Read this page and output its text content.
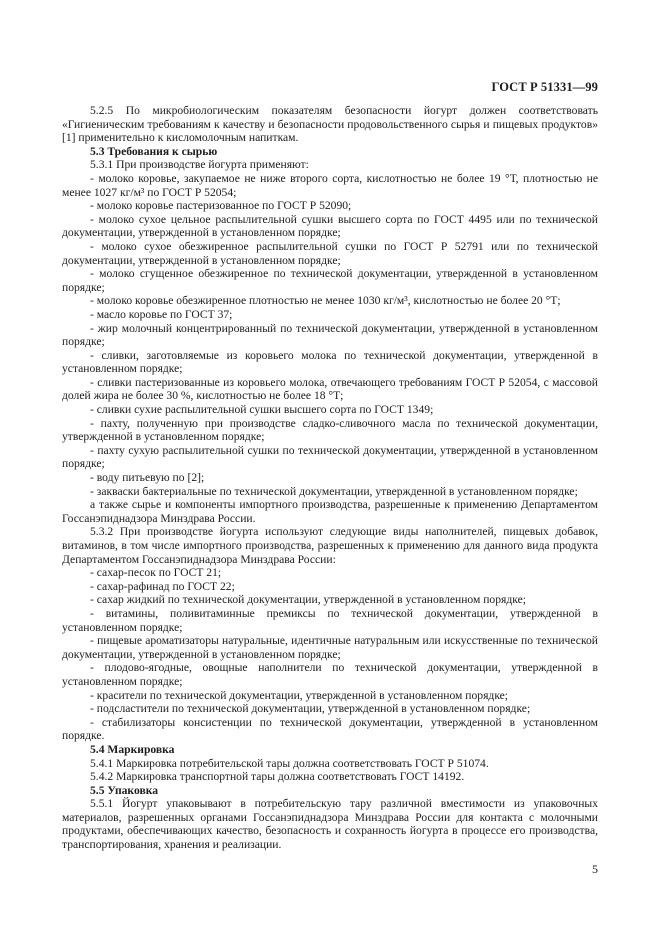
ГОСТ Р 51331—99

5.2.5 По микробиологическим показателям безопасности йогурт должен соответствовать «Гигиеническим требованиям к качеству и безопасности продовольственного сырья и пищевых продуктов» [1] применительно к кисломолочным напиткам.

5.3 Требования к сырью

5.3.1 При производстве йогурта применяют:

- молоко коровье, закупаемое не ниже второго сорта, кислотностью не более 19 °Т, плотностью не менее 1027 кг/м³ по ГОСТ Р 52054;

- молоко коровье пастеризованное по ГОСТ Р 52090;

- молоко сухое цельное распылительной сушки высшего сорта по ГОСТ 4495 или по технической документации, утвержденной в установленном порядке;

- молоко сухое обезжиренное распылительной сушки по ГОСТ Р 52791 или по технической документации, утвержденной в установленном порядке;

- молоко сгущенное обезжиренное по технической документации, утвержденной в установленном порядке;

- молоко коровье обезжиренное плотностью не менее 1030 кг/м³, кислотностью не более 20 °Т;

- масло коровье по ГОСТ 37;

- жир молочный концентрированный по технической документации, утвержденной в установленном порядке;

- сливки, заготовляемые из коровьего молока по технической документации, утвержденной в установленном порядке;

- сливки пастеризованные из коровьего молока, отвечающего требованиям ГОСТ Р 52054, с массовой долей жира не более 30 %, кислотностью не более 18 °Т;

- сливки сухие распылительной сушки высшего сорта по ГОСТ 1349;

- пахту, полученную при производстве сладко-сливочного масла по технической документации, утвержденной в установленном порядке;

- пахту сухую распылительной сушки по технической документации, утвержденной в установленном порядке;

- воду питьевую по [2];

- закваски бактериальные по технической документации, утвержденной в установленном порядке;

а также сырье и компоненты импортного производства, разрешенные к применению Департаментом Госсанэпиднадзора Минздрава России.

5.3.2 При производстве йогурта используют следующие виды наполнителей, пищевых добавок, витаминов, в том числе импортного производства, разрешенных к применению для данного вида продукта Департаментом Госсанэпиднадзора Минздрава России:

- сахар-песок по ГОСТ 21;

- сахар-рафинад по ГОСТ 22;

- сахар жидкий по технической документации, утвержденной в установленном порядке;

- витамины, поливитаминные премиксы по технической документации, утвержденной в установленном порядке;

- пищевые ароматизаторы натуральные, идентичные натуральным или искусственные по технической документации, утвержденной в установленном порядке;

- плодово-ягодные, овощные наполнители по технической документации, утвержденной в установленном порядке;

- красители по технической документации, утвержденной в установленном порядке;

- подсластители по технической документации, утвержденной в установленном порядке;

- стабилизаторы консистенции по технической документации, утвержденной в установленном порядке.

5.4 Маркировка

5.4.1 Маркировка потребительской тары должна соответствовать ГОСТ Р 51074.

5.4.2 Маркировка транспортной тары должна соответствовать ГОСТ 14192.

5.5 Упаковка

5.5.1 Йогурт упаковывают в потребительскую тару различной вместимости из упаковочных материалов, разрешенных органами Госсанэпиднадзора Минздрава России для контакта с молочными продуктами, обеспечивающих качество, безопасность и сохранность йогурта в процессе его производства, транспортирования, хранения и реализации.

5
